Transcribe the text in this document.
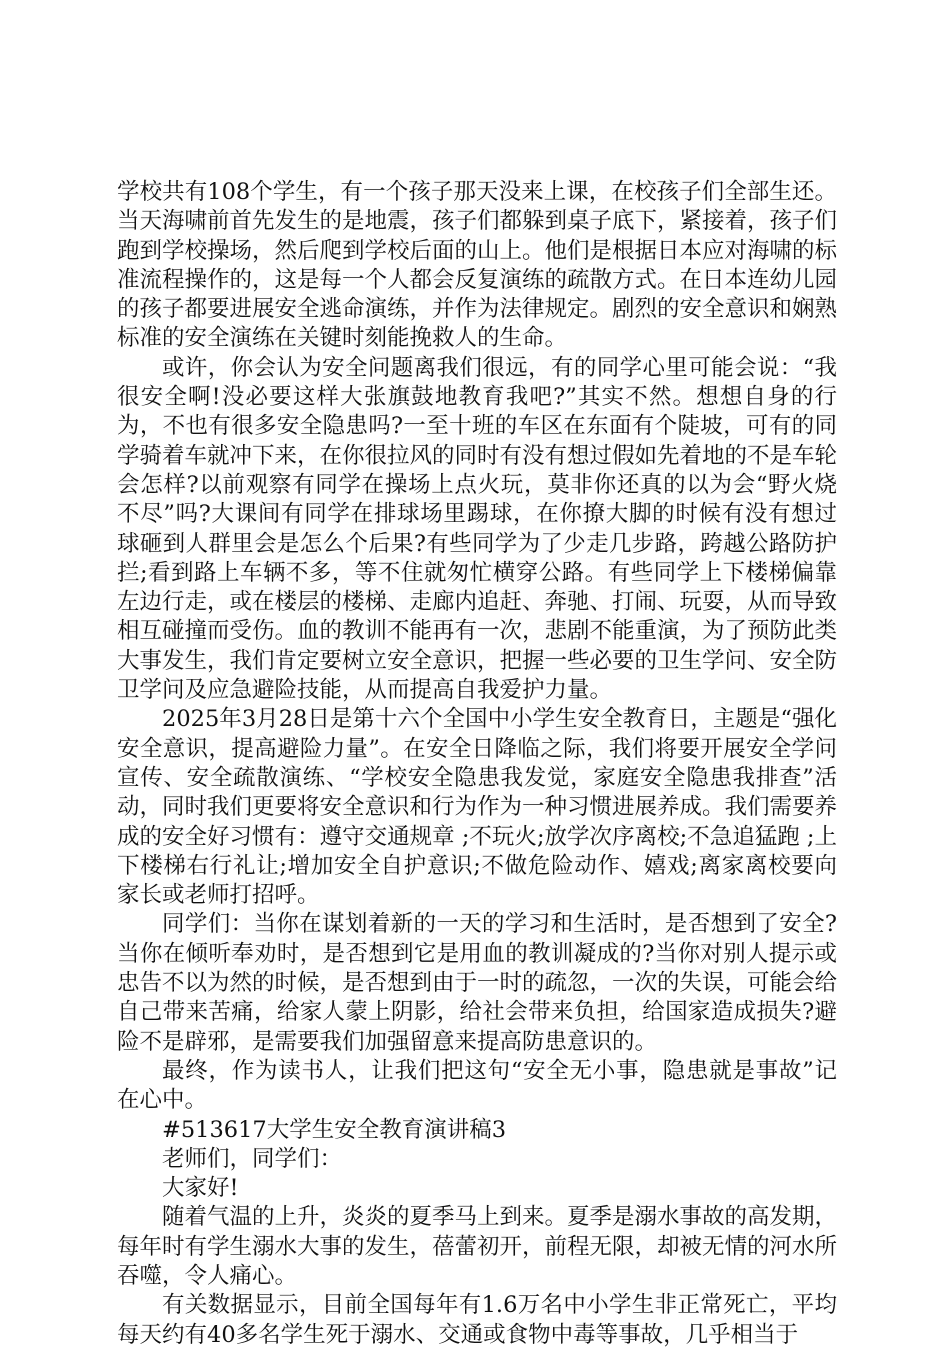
学校共有108个学生，有一个孩子那天没来上课，在校孩子们全部生还。当天海啸前首先发生的是地震，孩子们都躲到桌子底下，紧接着，孩子们跑到学校操场，然后爬到学校后面的山上。他们是根据日本应对海啸的标准流程操作的，这是每一个人都会反复演练的疏散方式。在日本连幼儿园的孩子都要进展安全逃命演练，并作为法律规定。剧烈的安全意识和娴熟标准的安全演练在关键时刻能挽救人的生命。

或许，你会认为安全问题离我们很远，有的同学心里可能会说：“我很安全啊!没必要这样大张旗鼓地教育我吧?”其实不然。想想自身的行为，不也有很多安全隐患吗?一至十班的车区在东面有个陡坡，可有的同学骑着车就冲下来，在你很拉风的同时有没有想过假如先着地的不是车轮会怎样?以前观察有同学在操场上点火玩，莫非你还真的以为会“野火烧不尽”吗?大课间有同学在排球场里踢球，在你撩大脚的时候有没有想过球砸到人群里会是怎么个后果?有些同学为了少走几步路，跨越公路防护拦;看到路上车辆不多，等不住就匆忙横穿公路。有些同学上下楼梯偏靠左边行走，或在楼层的楼梯、走廊内追赶、奔驰、打闹、玩耍，从而导致相互碰撞而受伤。血的教训不能再有一次，悲剧不能重演，为了预防此类大事发生，我们肯定要树立安全意识，把握一些必要的卫生学问、安全防卫学问及应急避险技能，从而提高自我爱护力量。

2025年3月28日是第十六个全国中小学生安全教育日，主题是“强化安全意识，提高避险力量”。在安全日降临之际，我们将要开展安全学问宣传、安全疏散演练、“学校安全隐患我发觉，家庭安全隐患我排查”活动，同时我们更要将安全意识和行为作为一种习惯进展养成。我们需要养成的安全好习惯有：遵守交通规章 ;不玩火;放学次序离校;不急追猛跑 ;上下楼梯右行礼让;增加安全自护意识;不做危险动作、嬉戏;离家离校要向家长或老师打招呼。

同学们：当你在谋划着新的一天的学习和生活时，是否想到了安全?当你在倾听奉劝时，是否想到它是用血的教训凝成的?当你对别人提示或忠告不以为然的时候，是否想到由于一时的疏忽，一次的失误，可能会给自己带来苦痛，给家人蒙上阴影，给社会带来负担，给国家造成损失?避险不是辟邪，是需要我们加强留意来提高防患意识的。

最终，作为读书人，让我们把这句“安全无小事，隐患就是事故”记在心中。

#513617大学生安全教育演讲稿3

老师们，同学们：

大家好!

随着气温的上升，炎炎的夏季马上到来。夏季是溺水事故的高发期，每年时有学生溺水大事的发生，蓓蕾初开，前程无限，却被无情的河水所吞噬，令人痛心。

有关数据显示，目前全国每年有1.6万名中小学生非正常死亡，平均每天约有40多名学生死于溺水、交通或食物中毒等事故，几乎相当于
